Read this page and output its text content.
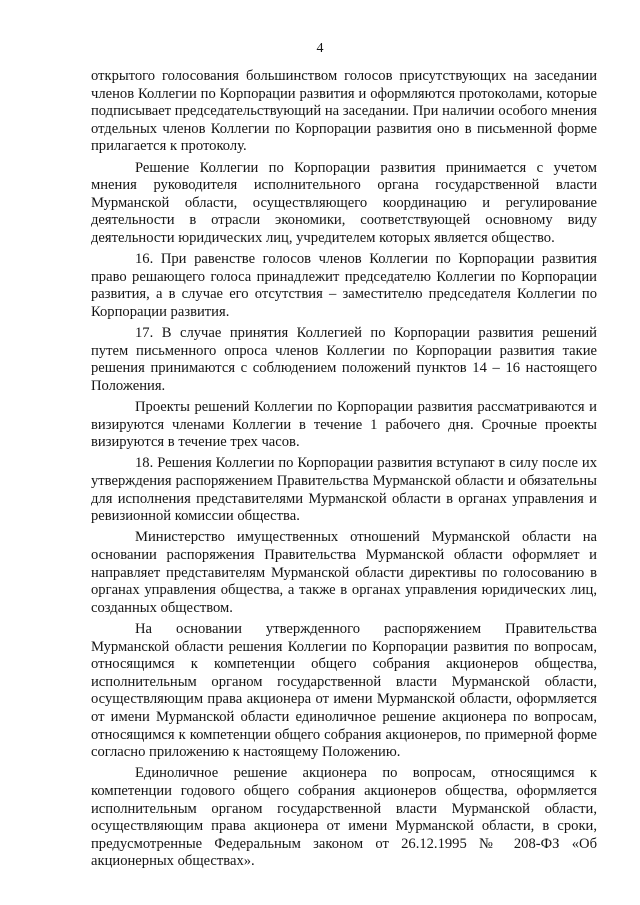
4

открытого голосования большинством голосов присутствующих на заседании членов Коллегии по Корпорации развития и оформляются протоколами, которые подписывает председательствующий на заседании. При наличии особого мнения отдельных членов Коллегии по Корпорации развития оно в письменной форме прилагается к протоколу.

Решение Коллегии по Корпорации развития принимается с учетом мнения руководителя исполнительного органа государственной власти Мурманской области, осуществляющего координацию и регулирование деятельности в отрасли экономики, соответствующей основному виду деятельности юридических лиц, учредителем которых является общество.

16. При равенстве голосов членов Коллегии по Корпорации развития право решающего голоса принадлежит председателю Коллегии по Корпорации развития, а в случае его отсутствия – заместителю председателя Коллегии по Корпорации развития.

17. В случае принятия Коллегией по Корпорации развития решений путем письменного опроса членов Коллегии по Корпорации развития такие решения принимаются с соблюдением положений пунктов 14 – 16 настоящего Положения.

Проекты решений Коллегии по Корпорации развития рассматриваются и визируются членами Коллегии в течение 1 рабочего дня. Срочные проекты визируются в течение трех часов.

18. Решения Коллегии по Корпорации развития вступают в силу после их утверждения распоряжением Правительства Мурманской области и обязательны для исполнения представителями Мурманской области в органах управления и ревизионной комиссии общества.

Министерство имущественных отношений Мурманской области на основании распоряжения Правительства Мурманской области оформляет и направляет представителям Мурманской области директивы по голосованию в органах управления общества, а также в органах управления юридических лиц, созданных обществом.

На основании утвержденного распоряжением Правительства Мурманской области решения Коллегии по Корпорации развития по вопросам, относящимся к компетенции общего собрания акционеров общества, исполнительным органом государственной власти Мурманской области, осуществляющим права акционера от имени Мурманской области, оформляется от имени Мурманской области единоличное решение акционера по вопросам, относящимся к компетенции общего собрания акционеров, по примерной форме согласно приложению к настоящему Положению.

Единоличное решение акционера по вопросам, относящимся к компетенции годового общего собрания акционеров общества, оформляется исполнительным органом государственной власти Мурманской области, осуществляющим права акционера от имени Мурманской области, в сроки, предусмотренные Федеральным законом от 26.12.1995 № 208-ФЗ «Об акционерных обществах».
